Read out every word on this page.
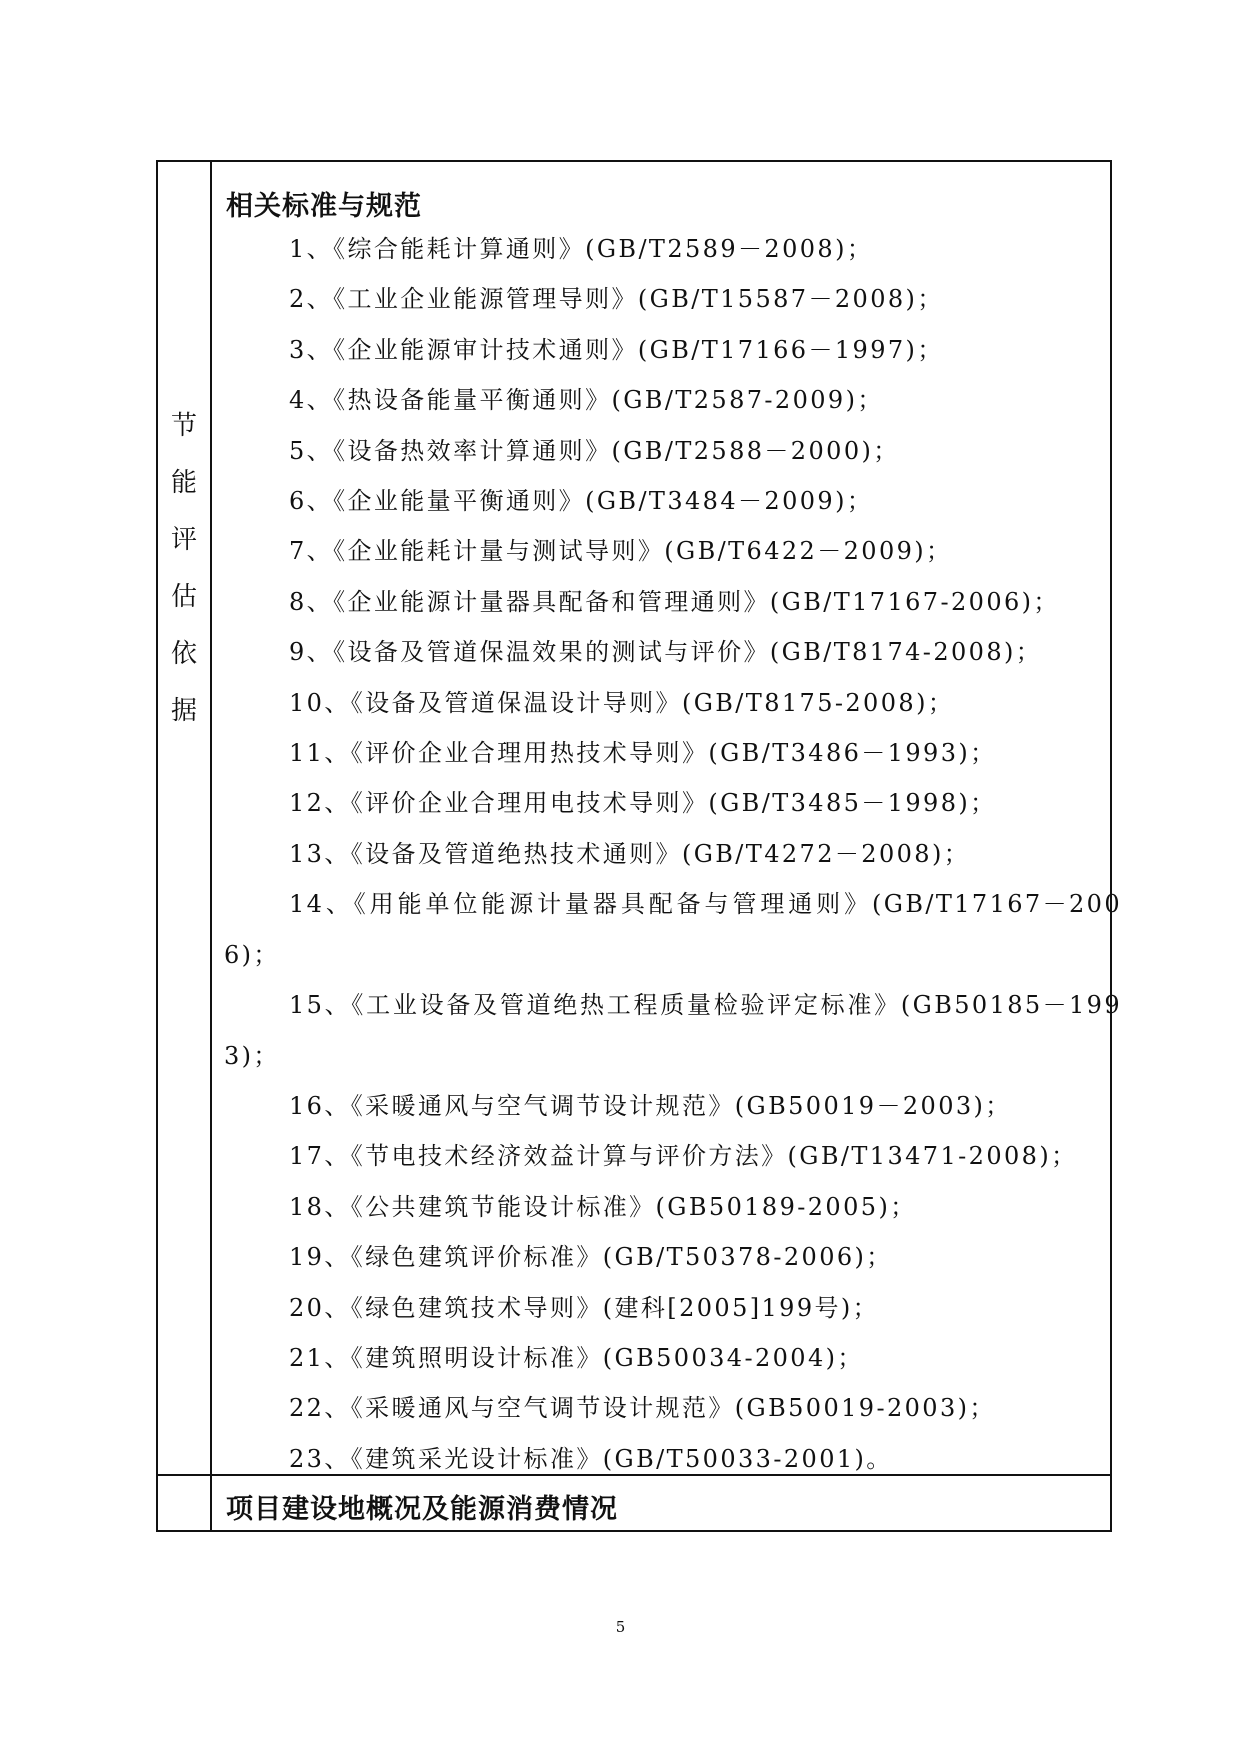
节
能
评
估
依
据
相关标准与规范
1、《综合能耗计算通则》(GB/T2589－2008)；
2、《工业企业能源管理导则》(GB/T15587－2008)；
3、《企业能源审计技术通则》(GB/T17166－1997)；
4、《热设备能量平衡通则》(GB/T2587-2009)；
5、《设备热效率计算通则》(GB/T2588－2000)；
6、《企业能量平衡通则》(GB/T3484－2009)；
7、《企业能耗计量与测试导则》(GB/T6422－2009)；
8、《企业能源计量器具配备和管理通则》(GB/T17167-2006)；
9、《设备及管道保温效果的测试与评价》(GB/T8174-2008)；
10、《设备及管道保温设计导则》(GB/T8175-2008)；
11、《评价企业合理用热技术导则》(GB/T3486－1993)；
12、《评价企业合理用电技术导则》(GB/T3485－1998)；
13、《设备及管道绝热技术通则》(GB/T4272－2008)；
14、《用能单位能源计量器具配备与管理通则》(GB/T17167－2006)；
15、《工业设备及管道绝热工程质量检验评定标准》(GB50185－1993)；
16、《采暖通风与空气调节设计规范》(GB50019－2003)；
17、《节电技术经济效益计算与评价方法》(GB/T13471-2008)；
18、《公共建筑节能设计标准》(GB50189-2005)；
19、《绿色建筑评价标准》(GB/T50378-2006)；
20、《绿色建筑技术导则》(建科[2005]199号)；
21、《建筑照明设计标准》(GB50034-2004)；
22、《采暖通风与空气调节设计规范》(GB50019-2003)；
23、《建筑采光设计标准》(GB/T50033-2001)。
项目建设地概况及能源消费情况
5
